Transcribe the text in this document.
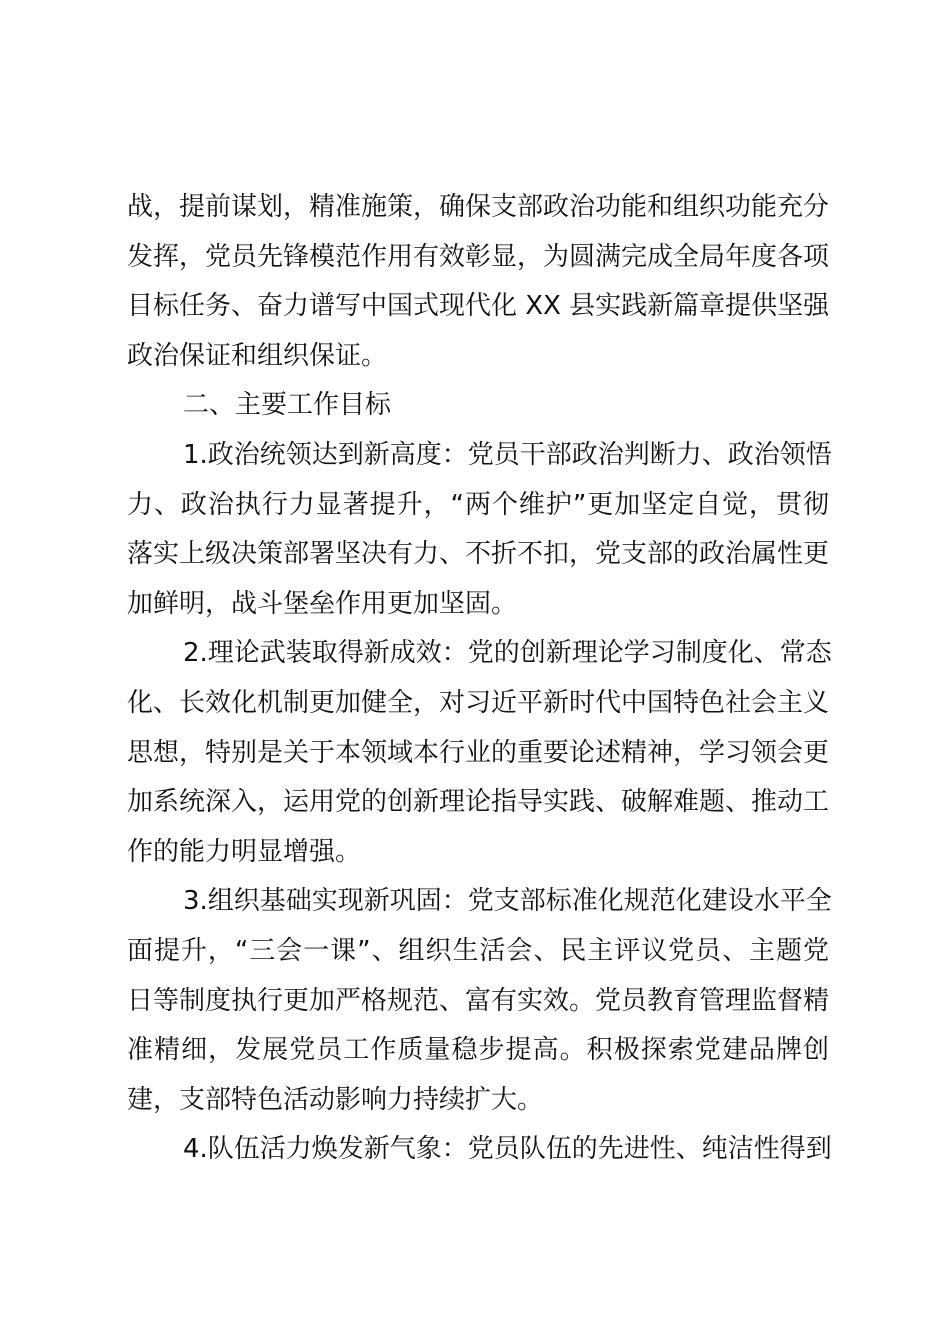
战，提前谋划，精准施策，确保支部政治功能和组织功能充分
发挥，党员先锋模范作用有效彰显，为圆满完成全局年度各项
目标任务、奋力谱写中国式现代化 XX 县实践新篇章提供坚强
政治保证和组织保证。
二、主要工作目标
1.政治统领达到新高度：党员干部政治判断力、政治领悟
力、政治执行力显著提升，“两个维护”更加坚定自觉，贯彻
落实上级决策部署坚决有力、不折不扣，党支部的政治属性更
加鲜明，战斗堡垒作用更加坚固。
2.理论武装取得新成效：党的创新理论学习制度化、常态
化、长效化机制更加健全，对习近平新时代中国特色社会主义
思想，特别是关于本领域本行业的重要论述精神，学习领会更
加系统深入，运用党的创新理论指导实践、破解难题、推动工
作的能力明显增强。
3.组织基础实现新巩固：党支部标准化规范化建设水平全
面提升，“三会一课”、组织生活会、民主评议党员、主题党
日等制度执行更加严格规范、富有实效。党员教育管理监督精
准精细，发展党员工作质量稳步提高。积极探索党建品牌创
建，支部特色活动影响力持续扩大。
4.队伍活力焕发新气象：党员队伍的先进性、纯洁性得到
